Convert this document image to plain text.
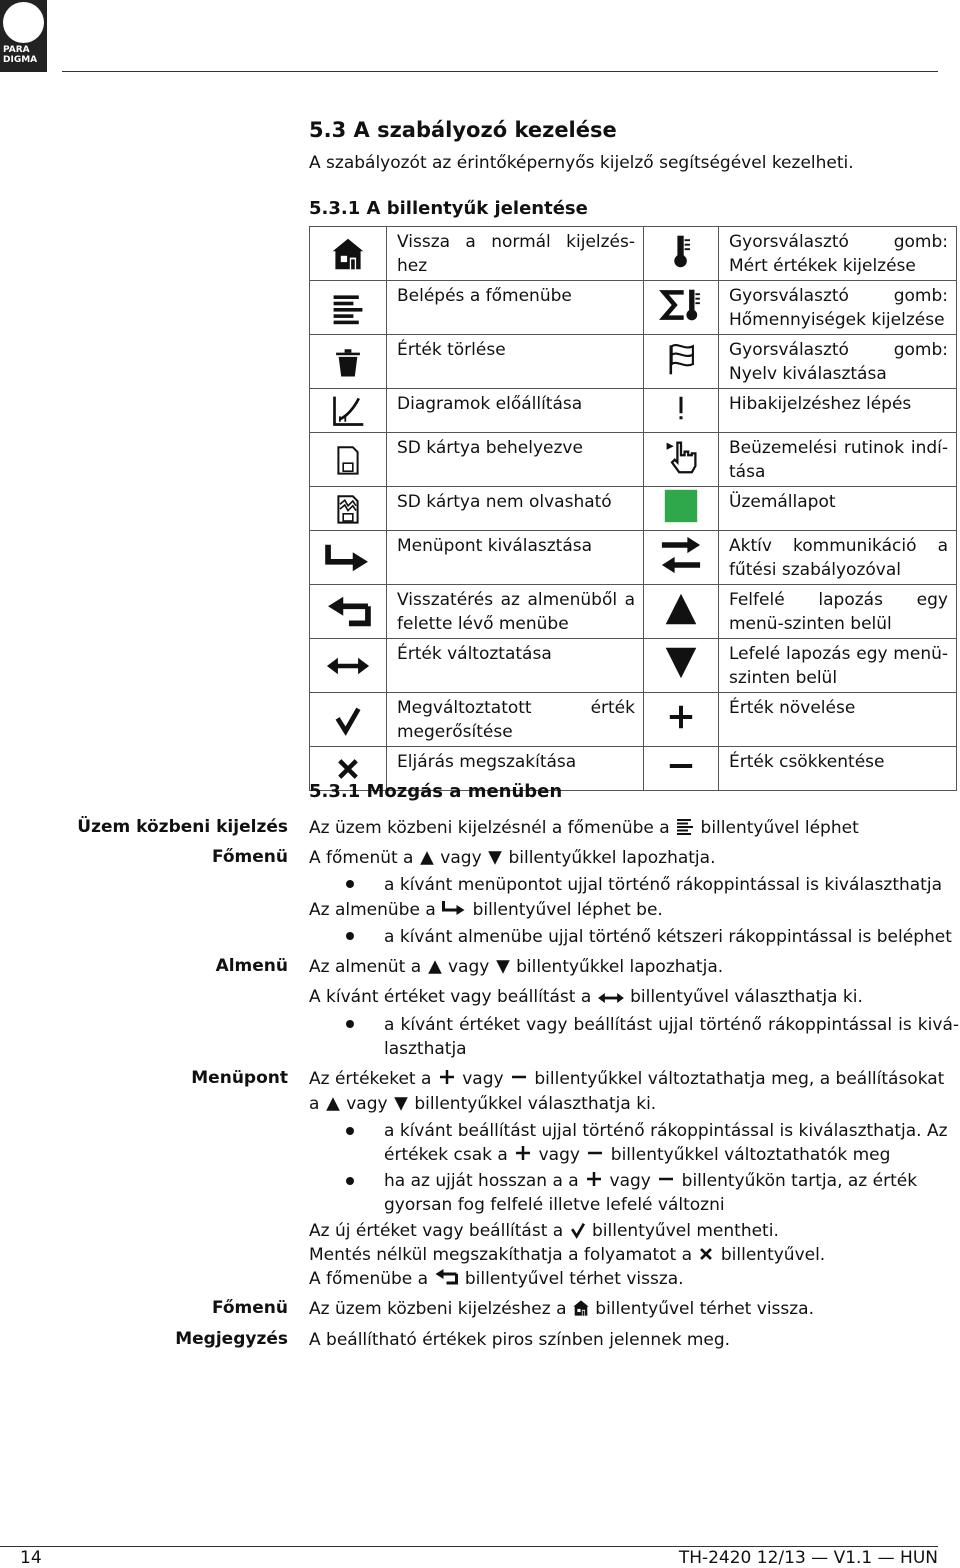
PARA DIGMA
5.3 A szabályozó kezelése
A szabályozót az érintőképernyős kijelző segítségével kezelheti.
5.3.1 A billentyűk jelentése
	Vissza a normál kijelzés-hez		Gyorsválasztó gomb: Mért értékek kijelzése

	Belépés a főmenübe		Gyorsválasztó gomb: Hőmennyiségek kijelzése

	Érték törlése		Gyorsválasztó gomb: Nyelv kiválasztása

	Diagramok előállítása		Hibakijelzéshez lépés

	SD kártya behelyezve		Beüzemelési rutinok indí-tása

	SD kártya nem olvasható		Üzemállapot

	Menüpont kiválasztása		Aktív kommunikáció a fűtési szabályozóval

	Visszatérés az almenüből a felette lévő menübe		Felfelé lapozás egy menü-szinten belül

	Érték változtatása		Lefelé lapozás egy menü-szinten belül

	Megváltoztatott érték megerősítése		Érték növelése

	Eljárás megszakítása		Érték csökkentése
5.3.1 Mozgás a menüben
Üzem közbeni kijelzés
Főmenü
Almenü
Menüpont
Főmenü
Megjegyzés
Az üzem közbeni kijelzésnél a főmenübe a billentyűvel léphet
A főmenüt a vagy billentyűkkel lapozhatja.
a kívánt menüpontot ujjal történő rákoppintással is kiválaszthatja
Az almenübe a billentyűvel léphet be.
a kívánt almenübe ujjal történő kétszeri rákoppintással is beléphet
Az almenüt a vagy billentyűkkel lapozhatja.
A kívánt értéket vagy beállítást a billentyűvel választhatja ki.
a kívánt értéket vagy beállítást ujjal történő rákoppintással is kivá-laszthatja
Az értékeket a vagy billentyűkkel változtathatja meg, a beállításokat
a vagy billentyűkkel választhatja ki.
a kívánt beállítást ujjal történő rákoppintással is kiválaszthatja. Az
értékek csak a vagy billentyűkkel változtathatók meg
ha az ujját hosszan a a vagy billentyűkön tartja, az érték
gyorsan fog felfelé illetve lefelé változni
Az új értéket vagy beállítást a billentyűvel mentheti.
Mentés nélkül megszakíthatja a folyamatot a billentyűvel.
A főmenübe a billentyűvel térhet vissza.
Az üzem közbeni kijelzéshez a billentyűvel térhet vissza.
A beállítható értékek piros színben jelennek meg.
14	TH-2420 12/13 — V1.1 — HUN
